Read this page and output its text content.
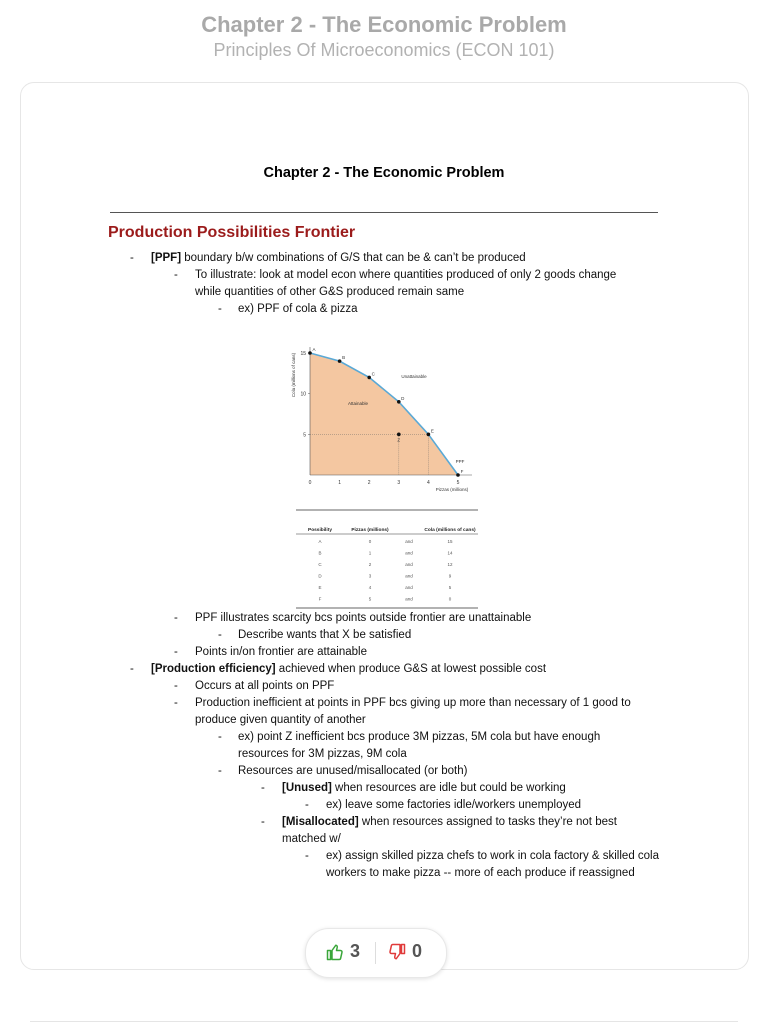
Chapter 2 - The Economic Problem
Principles Of Microeconomics (ECON 101)
Chapter 2 - The Economic Problem
Production Possibilities Frontier
- [PPF] boundary b/w combinations of G/S that can be & can’t be produced
- To illustrate: look at model econ where quantities produced of only 2 goods change
while quantities of other G&S produced remain same
- ex) PPF of cola & pizza
- PPF illustrates scarcity bcs points outside frontier are unattainable
- Describe wants that X be satisfied
- Points in/on frontier are attainable
- [Production efficiency] achieved when produce G&S at lowest possible cost
- Occurs at all points on PPF
- Production inefficient at points in PPF bcs giving up more than necessary of 1 good to
produce given quantity of another
- ex) point Z inefficient bcs produce 3M pizzas, 5M cola but have enough
resources for 3M pizzas, 9M cola
- Resources are unused/misallocated (or both)
- [Unused] when resources are idle but could be working
- ex) leave some factories idle/workers unemployed
- [Misallocated] when resources assigned to tasks they’re not best
matched w/
- ex) assign skilled pizza chefs to work in cola factory & skilled cola
workers to make pizza -- more of each produce if reassigned
0	1	2	3	4	5
15
10
5
A
B
C
D
E
F
Z
Attainable
Unattainable
PPF
Pizzas (millions)
Cola (millions of cans)
Possibility	Pizzas (millions)	Cola (millions of cans)
A	0	and	15
B	1	and	14
C	2	and	12
D	3	and	9
E	4	and	5
F	5	and	0
3	0
